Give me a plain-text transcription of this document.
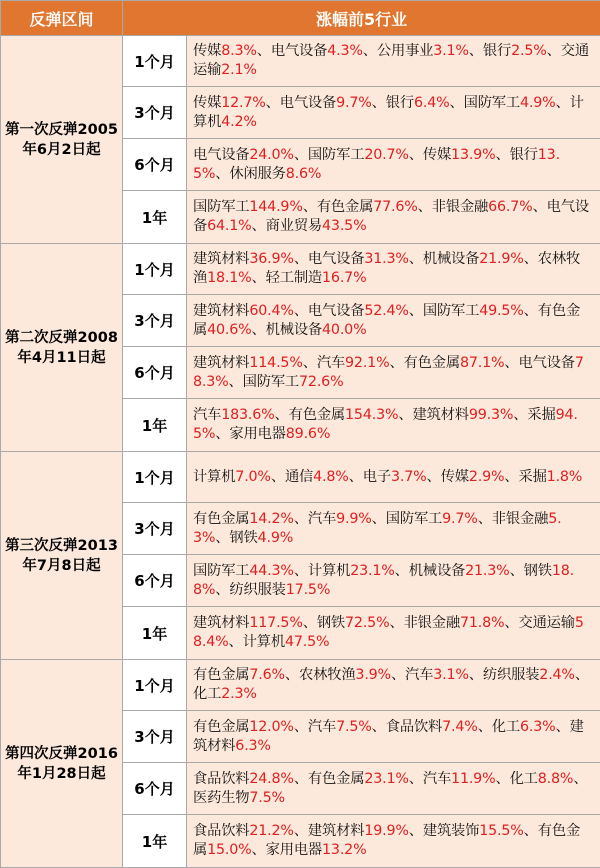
反弹区间	涨幅前5行业	
第一次反弹2005年6月2日起	1个月	传媒8.3%、电气设备4.3%、公用事业3.1%、银行2.5%、交通运输2.1%
	3个月	传媒12.7%、电气设备9.7%、银行6.4%、国防军工4.9%、计算机4.2%
	6个月	电气设备24.0%、国防军工20.7%、传媒13.9%、银行13.5%、休闲服务8.6%
	1年	国防军工144.9%、有色金属77.6%、非银金融66.7%、电气设备64.1%、商业贸易43.5%
第二次反弹2008年4月11日起	1个月	建筑材料36.9%、电气设备31.3%、机械设备21.9%、农林牧渔18.1%、轻工制造16.7%
	3个月	建筑材料60.4%、电气设备52.4%、国防军工49.5%、有色金属40.6%、机械设备40.0%
	6个月	建筑材料114.5%、汽车92.1%、有色金属87.1%、电气设备78.3%、国防军工72.6%
	1年	汽车183.6%、有色金属154.3%、建筑材料99.3%、采掘94.5%、家用电器89.6%
第三次反弹2013年7月8日起	1个月	计算机7.0%、通信4.8%、电子3.7%、传媒2.9%、采掘1.8%
	3个月	有色金属14.2%、汽车9.9%、国防军工9.7%、非银金融5.3%、钢铁4.9%
	6个月	国防军工44.3%、计算机23.1%、机械设备21.3%、钢铁18.8%、纺织服装17.5%
	1年	建筑材料117.5%、钢铁72.5%、非银金融71.8%、交通运输58.4%、计算机47.5%
第四次反弹2016年1月28日起	1个月	有色金属7.6%、农林牧渔3.9%、汽车3.1%、纺织服装2.4%、化工2.3%
	3个月	有色金属12.0%、汽车7.5%、食品饮料7.4%、化工6.3%、建筑材料6.3%
	6个月	食品饮料24.8%、有色金属23.1%、汽车11.9%、化工8.8%、医药生物7.5%
	1年	食品饮料21.2%、建筑材料19.9%、建筑装饰15.5%、有色金属15.0%、家用电器13.2%
